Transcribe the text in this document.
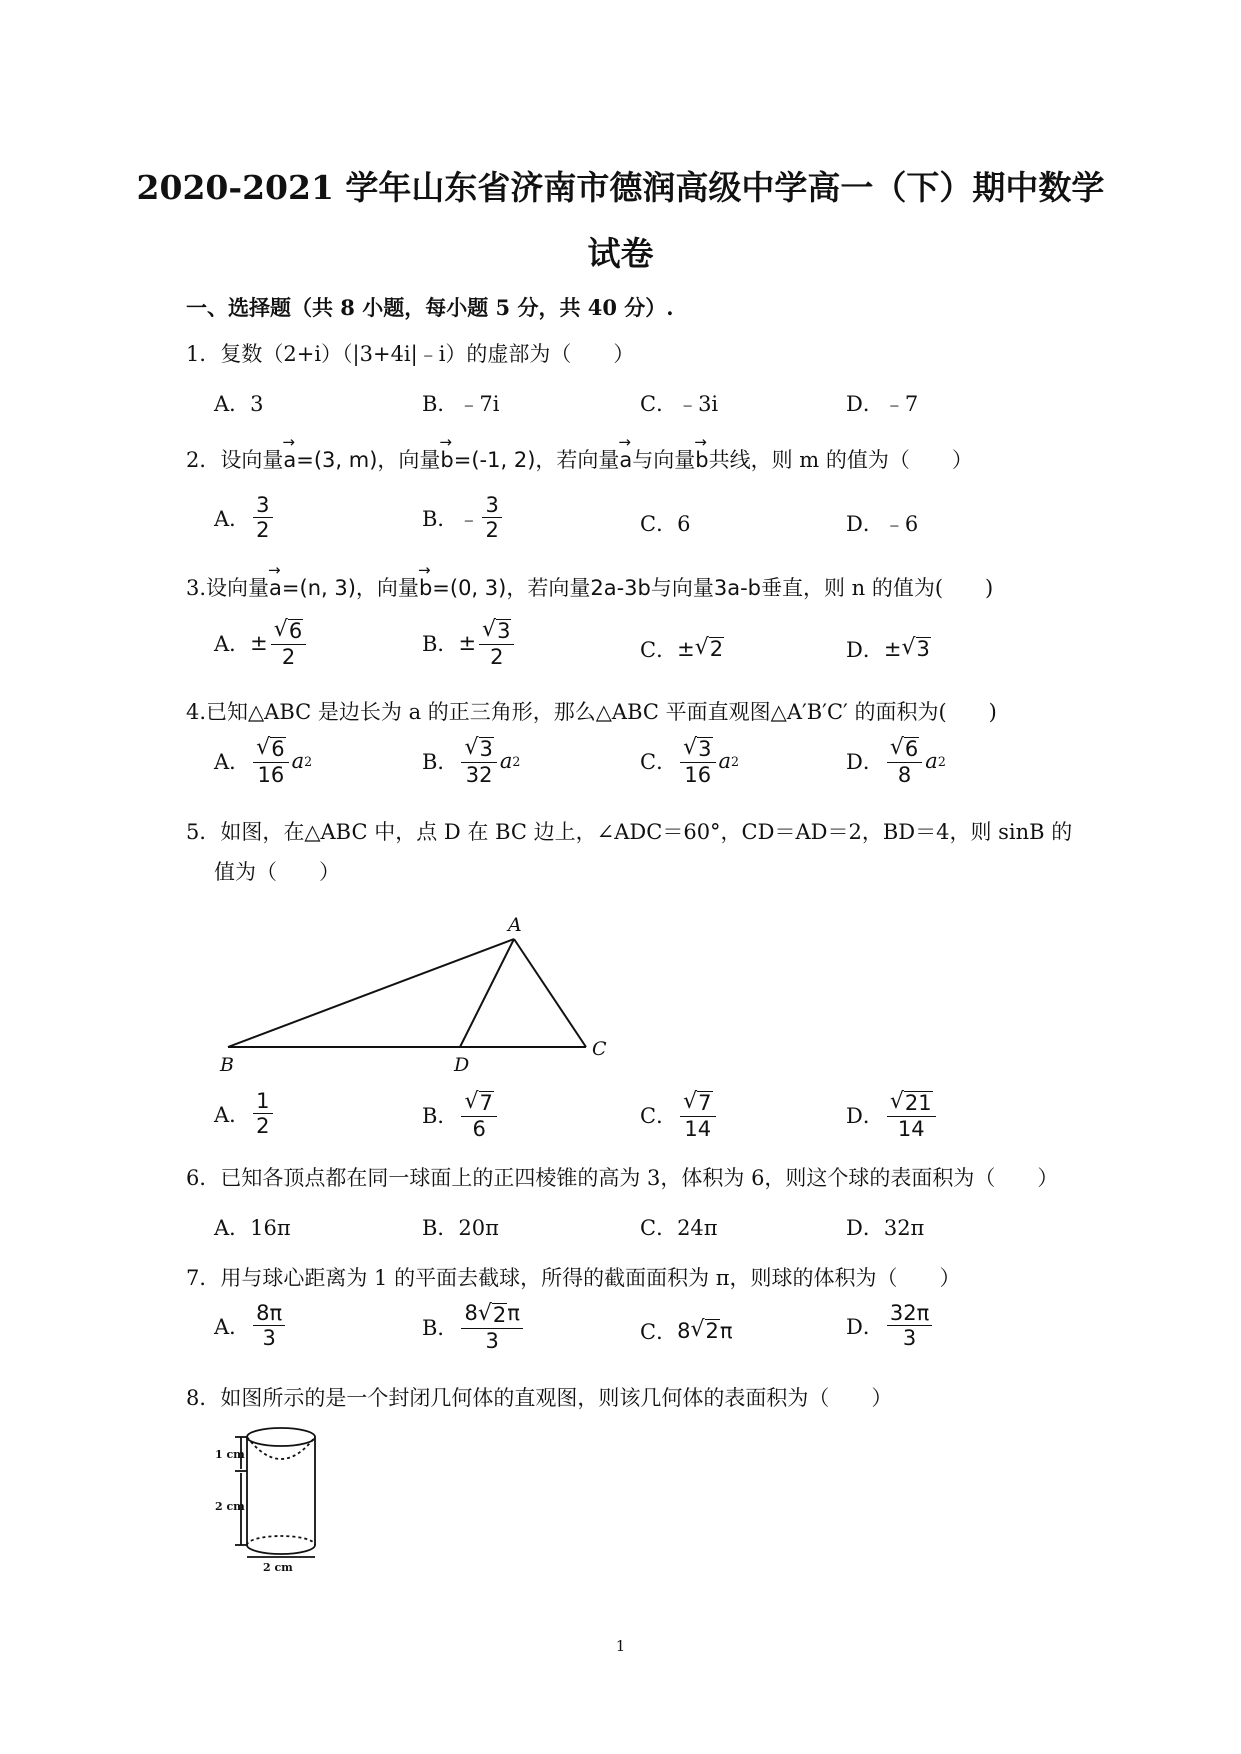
2020-2021 学年山东省济南市德润高级中学高一（下）期中数学
试卷
一、选择题（共 8 小题，每小题 5 分，共 40 分）.
1．复数（2+i）（|3+4i|﹣i）的虚部为（　　）
A．3	B．﹣7i	C．﹣3i	D．﹣7
2．设向量→ a=(3, m)，向量→ b=(-1, 2)，若向量→ a与向量→ b共线，则 m 的值为（　　）
A． $\frac{3}{2}$	B．﹣ $\frac{3}{2}$	C．6	D．﹣6
3.设向量→ a=(n, 3)，向量→ b=(0, 3)，若向量2a-3b与向量3a-b垂直，则 n 的值为(　　)
A． ± $\frac{√ 6}{2}$	B． ± $\frac{√ 3}{2}$	C． ± √ 2	D． ± √ 3
4.已知△ABC 是边长为 a 的正三角形，那么△ABC 平面直观图△A′B′C′ 的面积为(　　)
A． $\frac{√ 6}{16}$ a 2	B． $\frac{√ 3}{32}$ a 2	C． $\frac{√ 3}{16}$ a 2	D． $\frac{√ 6}{8}$ a 2
5．如图，在△ABC 中，点 D 在 BC 边上，∠ADC＝60°，CD＝AD＝2，BD＝4，则 sinB 的
值为（　　）
A
B
C
D
A． $\frac{1}{2}$	B． $\frac{√ 7}{6}$	C． $\frac{√ 7}{14}$	D． $\frac{√ 21}{14}$
6．已知各顶点都在同一球面上的正四棱锥的高为 3，体积为 6，则这个球的表面积为（　　）
A．16π	B．20π	C．24π	D．32π
7．用与球心距离为 1 的平面去截球，所得的截面面积为 π，则球的体积为（　　）
A． $\frac{8\pi}{3}$	B． $\frac{8 √ 2 \pi}{3}$	C． 8 √ 2 π	D． $\frac{32\pi}{3}$
8．如图所示的是一个封闭几何体的直观图，则该几何体的表面积为（　　）
1 cm
2 cm
2 cm
1
